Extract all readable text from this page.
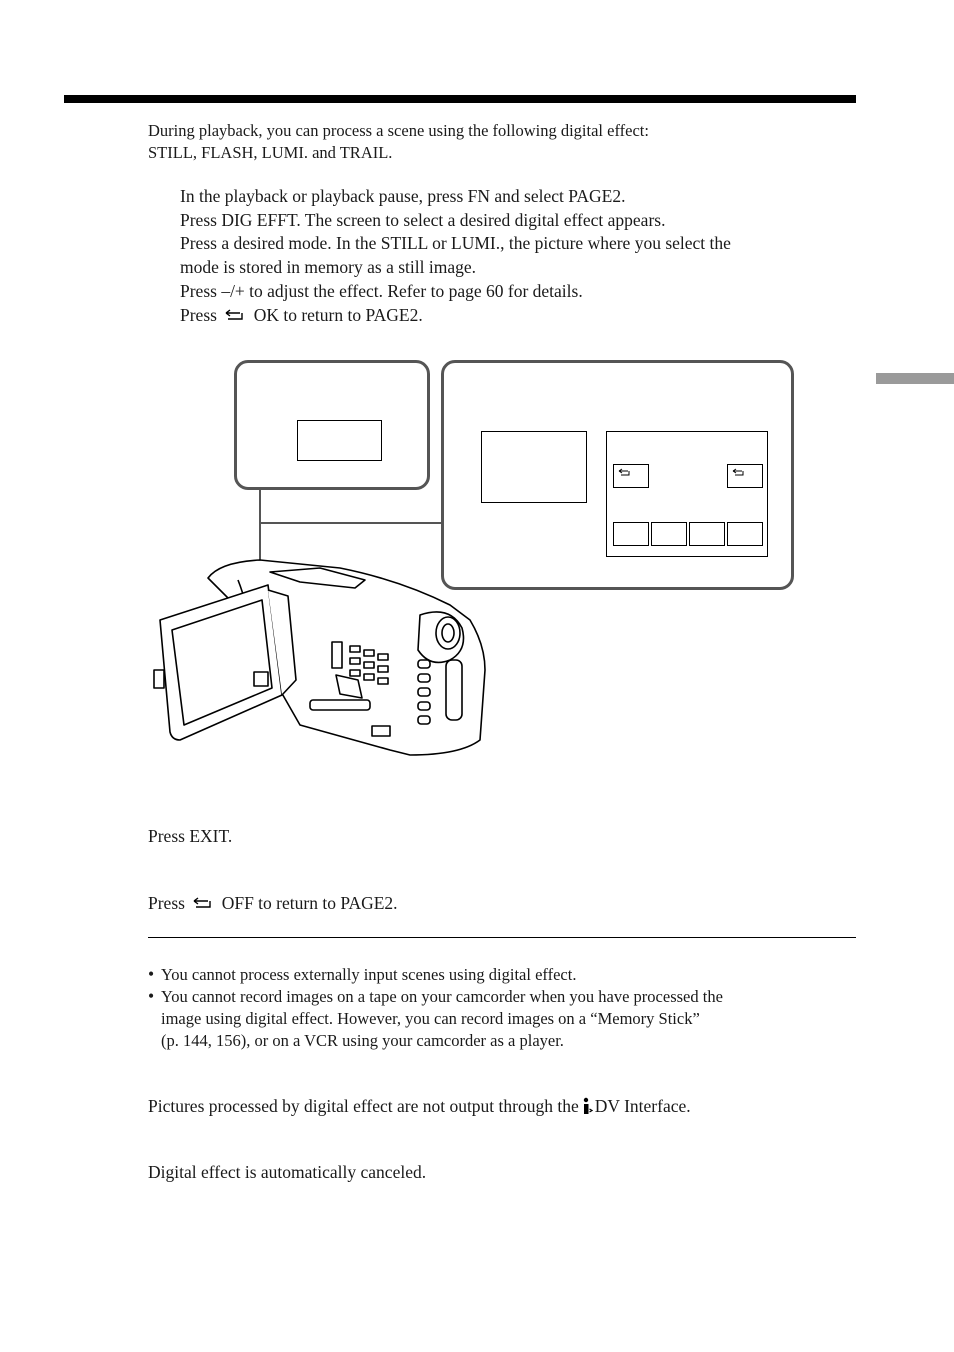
During playback, you can process a scene using the following digital effect:
STILL, FLASH, LUMI. and TRAIL.
In the playback or playback pause, press FN and select PAGE2.
Press DIG EFFT. The screen to select a desired digital effect appears.
Press a desired mode. In the STILL or LUMI., the picture where you select the
mode is stored in memory as a still image.
Press –/+ to adjust the effect. Refer to page 60 for details.
Press OK to return to PAGE2.
Press EXIT.
Press OFF to return to PAGE2.
• You cannot process externally input scenes using digital effect.
• You cannot record images on a tape on your camcorder when you have processed the
image using digital effect. However, you can record images on a “Memory Stick”
(p. 144, 156), or on a VCR using your camcorder as a player.
Pictures processed by digital effect are not output through the DV Interface.
Digital effect is automatically canceled.
